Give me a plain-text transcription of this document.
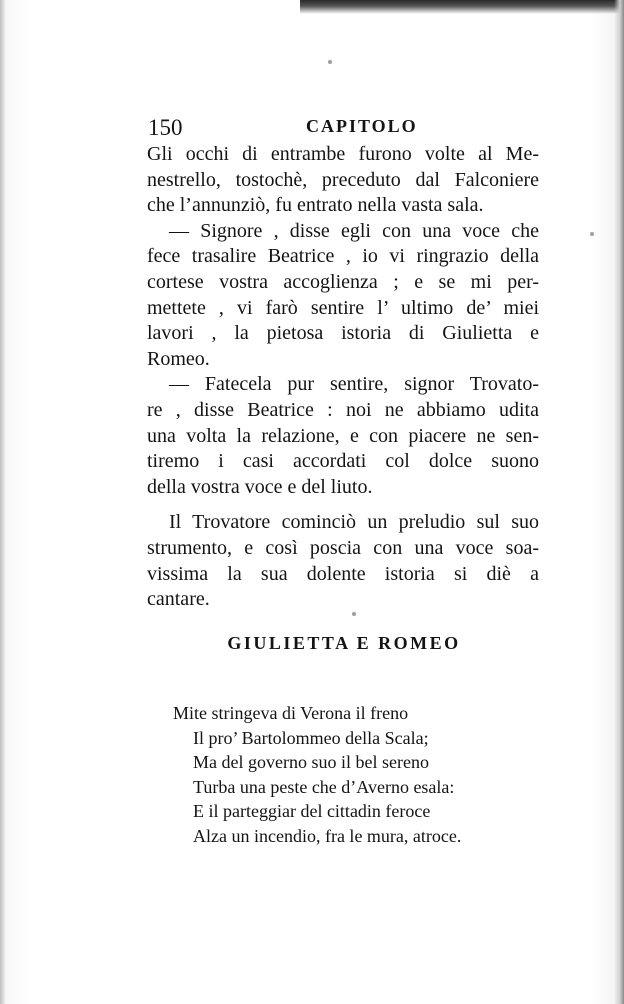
150	CAPITOLO

Gli occhi di entrambe furono volte al Me-
nestrello, tostochè, preceduto dal Falconiere
che l’annunziò, fu entrato nella vasta sala.

— Signore , disse egli con una voce che
fece trasalire Beatrice , io vi ringrazio della
cortese vostra accoglienza ; e se mi per-
mettete , vi farò sentire l’ ultimo de’ miei
lavori , la pietosa istoria di Giulietta e
Romeo.

— Fatecela pur sentire, signor Trovato-
re , disse Beatrice : noi ne abbiamo udita
una volta la relazione, e con piacere ne sen-
tiremo i casi accordati col dolce suono
della vostra voce e del liuto.

Il Trovatore cominciò un preludio sul suo
strumento, e così poscia con una voce soa-
vissima la sua dolente istoria si diè a
cantare.

GIULIETTA E ROMEO
Mite stringeva di Verona il freno
Il pro’ Bartolommeo della Scala;
Ma del governo suo il bel sereno
Turba una peste che d’Averno esala:
E il parteggiar del cittadin feroce
Alza un incendio, fra le mura, atroce.
